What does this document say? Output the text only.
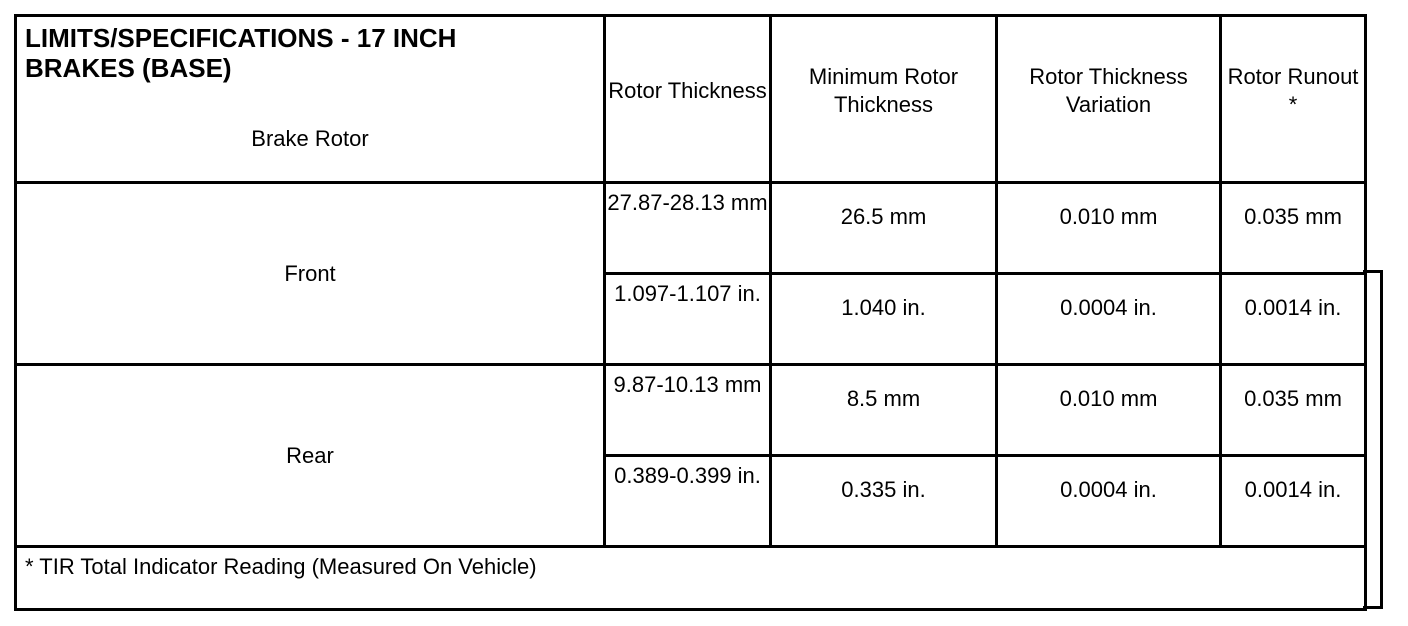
LIMITS/SPECIFICATIONS - 17 INCH BRAKES (BASE)
Brake Rotor	Rotor Thickness	Minimum Rotor Thickness	Rotor Thickness Variation	Rotor Runout *
Front	27.87-28.13 mm	26.5 mm	0.010 mm	0.035 mm
	1.097-1.107 in.	1.040 in.	0.0004 in.	0.0014 in.
Rear	9.87-10.13 mm	8.5 mm	0.010 mm	0.035 mm
	0.389-0.399 in.	0.335 in.	0.0004 in.	0.0014 in.
* TIR Total Indicator Reading (Measured On Vehicle)				
